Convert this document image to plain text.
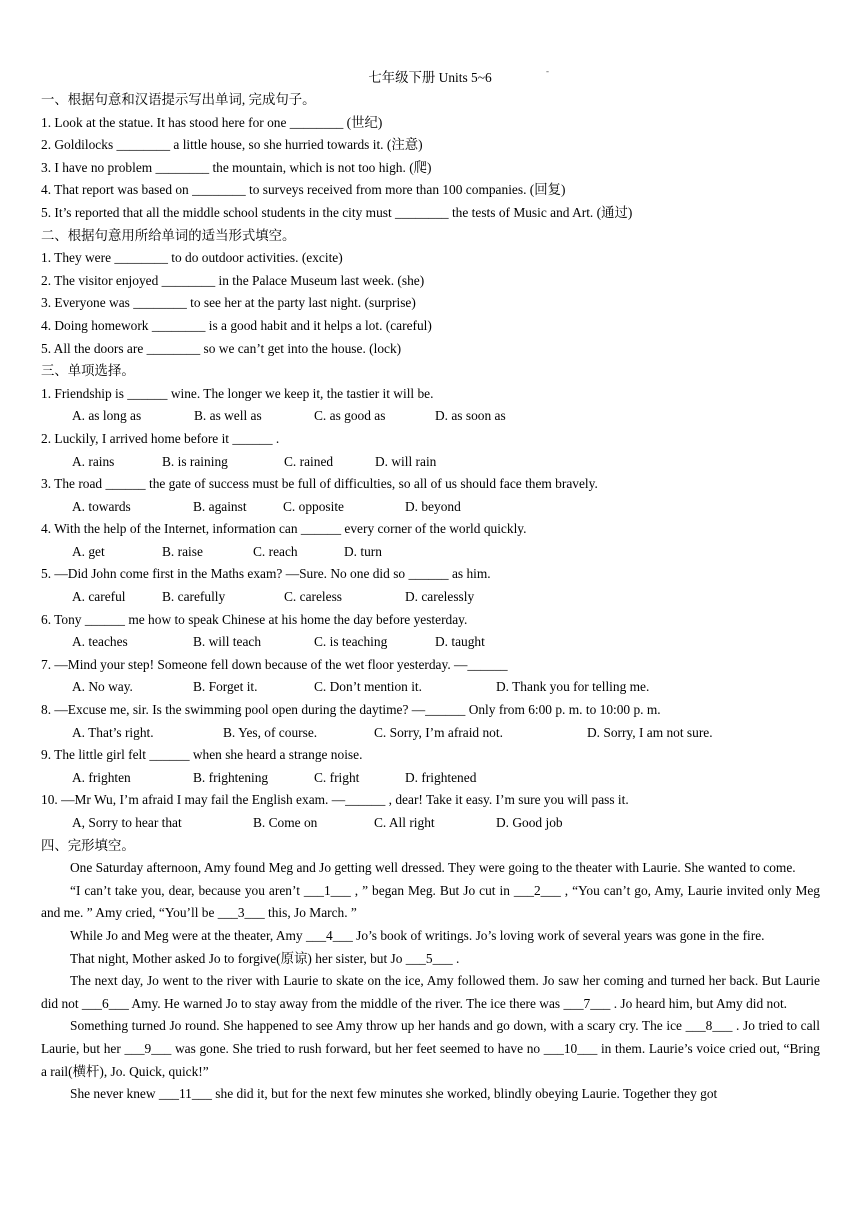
七年级下册 Units 5~6	-
一、根据句意和汉语提示写出单词, 完成句子。
1. Look at the statue. It has stood here for one ________ (世纪)
2. Goldilocks ________ a little house, so she hurried towards it. (注意)
3. I have no problem ________ the mountain, which is not too high. (爬)
4. That report was based on ________ to surveys received from more than 100 companies. (回复)
5. It’s reported that all the middle school students in the city must ________ the tests of Music and Art. (通过)
二、根据句意用所给单词的适当形式填空。
1. They were ________ to do outdoor activities. (excite)
2. The visitor enjoyed ________ in the Palace Museum last week. (she)
3. Everyone was ________ to see her at the party last night. (surprise)
4. Doing homework ________ is a good habit and it helps a lot. (careful)
5. All the doors are ________ so we can’t get into the house. (lock)
三、单项选择。
1. Friendship is ______ wine. The longer we keep it, the tastier it will be.
A. as long as	B. as well as	C. as good as	D. as soon as
2. Luckily, I arrived home before it ______ .
A. rains	B. is raining	C. rained	D. will rain
3. The road ______ the gate of success must be full of difficulties, so all of us should face them bravely.
A. towards	B. against	C. opposite	D. beyond
4. With the help of the Internet, information can ______ every corner of the world quickly.
A. get	B. raise	C. reach	D. turn
5. —Did John come first in the Maths exam? —Sure. No one did so ______ as him.
A. careful	B. carefully	C. careless	D. carelessly
6. Tony ______ me how to speak Chinese at his home the day before yesterday.
A. teaches	B. will teach	C. is teaching	D. taught
7. —Mind your step! Someone fell down because of the wet floor yesterday. —______
A. No way.	B. Forget it.	C. Don’t mention it.	D. Thank you for telling me.
8. —Excuse me, sir. Is the swimming pool open during the daytime? —______ Only from 6:00 p. m. to 10:00 p. m.
A. That’s right.	B. Yes, of course.	C. Sorry, I’m afraid not.	D. Sorry, I am not sure.
9. The little girl felt ______ when she heard a strange noise.
A. frighten	B. frightening	C. fright	D. frightened
10. —Mr Wu, I’m afraid I may fail the English exam. —______ , dear! Take it easy. I’m sure you will pass it.
A, Sorry to hear that	B. Come on	C. All right	D. Good job
四、完形填空。
One Saturday afternoon, Amy found Meg and Jo getting well dressed. They were going to the theater with Laurie. She wanted to come.
“I can’t take you, dear, because you aren’t ___1___ , ” began Meg. But Jo cut in ___2___ , “You can’t go, Amy, Laurie invited only Meg and me. ” Amy cried, “You’ll be ___3___ this, Jo March. ”
While Jo and Meg were at the theater, Amy ___4___ Jo’s book of writings. Jo’s loving work of several years was gone in the fire.
That night, Mother asked Jo to forgive(原谅) her sister, but Jo ___5___ .
The next day, Jo went to the river with Laurie to skate on the ice, Amy followed them. Jo saw her coming and turned her back. But Laurie did not ___6___ Amy. He warned Jo to stay away from the middle of the river. The ice there was ___7___ . Jo heard him, but Amy did not.
Something turned Jo round. She happened to see Amy throw up her hands and go down, with a scary cry. The ice ___8___ . Jo tried to call Laurie, but her ___9___ was gone. She tried to rush forward, but her feet seemed to have no ___10___ in them. Laurie’s voice cried out, “Bring a rail(横杆), Jo. Quick, quick!”
She never knew ___11___ she did it, but for the next few minutes she worked, blindly obeying Laurie. Together they got
